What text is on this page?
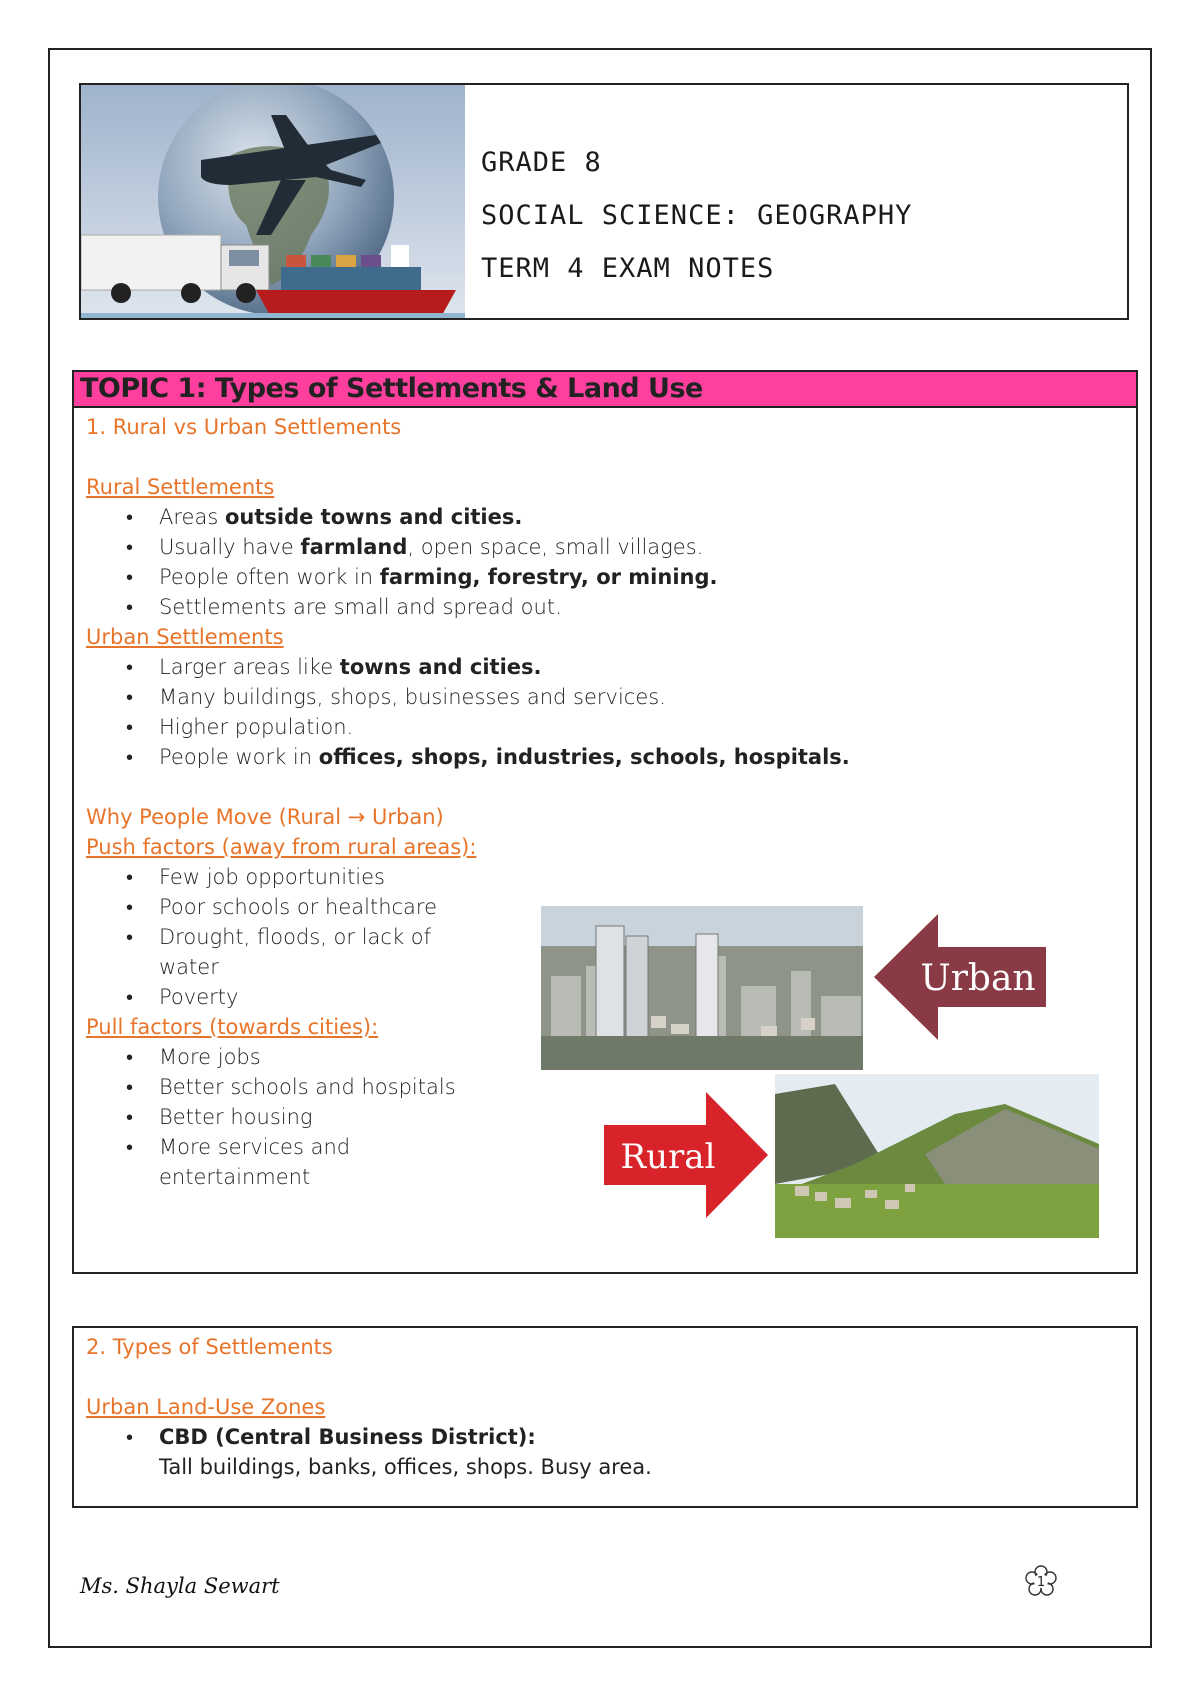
GRADE 8
SOCIAL SCIENCE: GEOGRAPHY
TERM 4 EXAM NOTES
TOPIC 1: Types of Settlements & Land Use
1. Rural vs Urban Settlements
Rural Settlements
• Areas outside towns and cities.
• Usually have farmland, open space, small villages.
• People often work in farming, forestry, or mining.
• Settlements are small and spread out.
Urban Settlements
• Larger areas like towns and cities.
• Many buildings, shops, businesses and services.
• Higher population.
• People work in offices, shops, industries, schools, hospitals.
Why People Move (Rural → Urban)
Push factors (away from rural areas):
• Few job opportunities
• Poor schools or healthcare
• Drought, floods, or lack of water
• Poverty
Pull factors (towards cities):
• More jobs
• Better schools and hospitals
• Better housing
• More services and entertainment
Urban
Rural
2. Types of Settlements
Urban Land-Use Zones
• CBD (Central Business District):
Tall buildings, banks, offices, shops. Busy area.
Ms. Shayla Sewart	1
